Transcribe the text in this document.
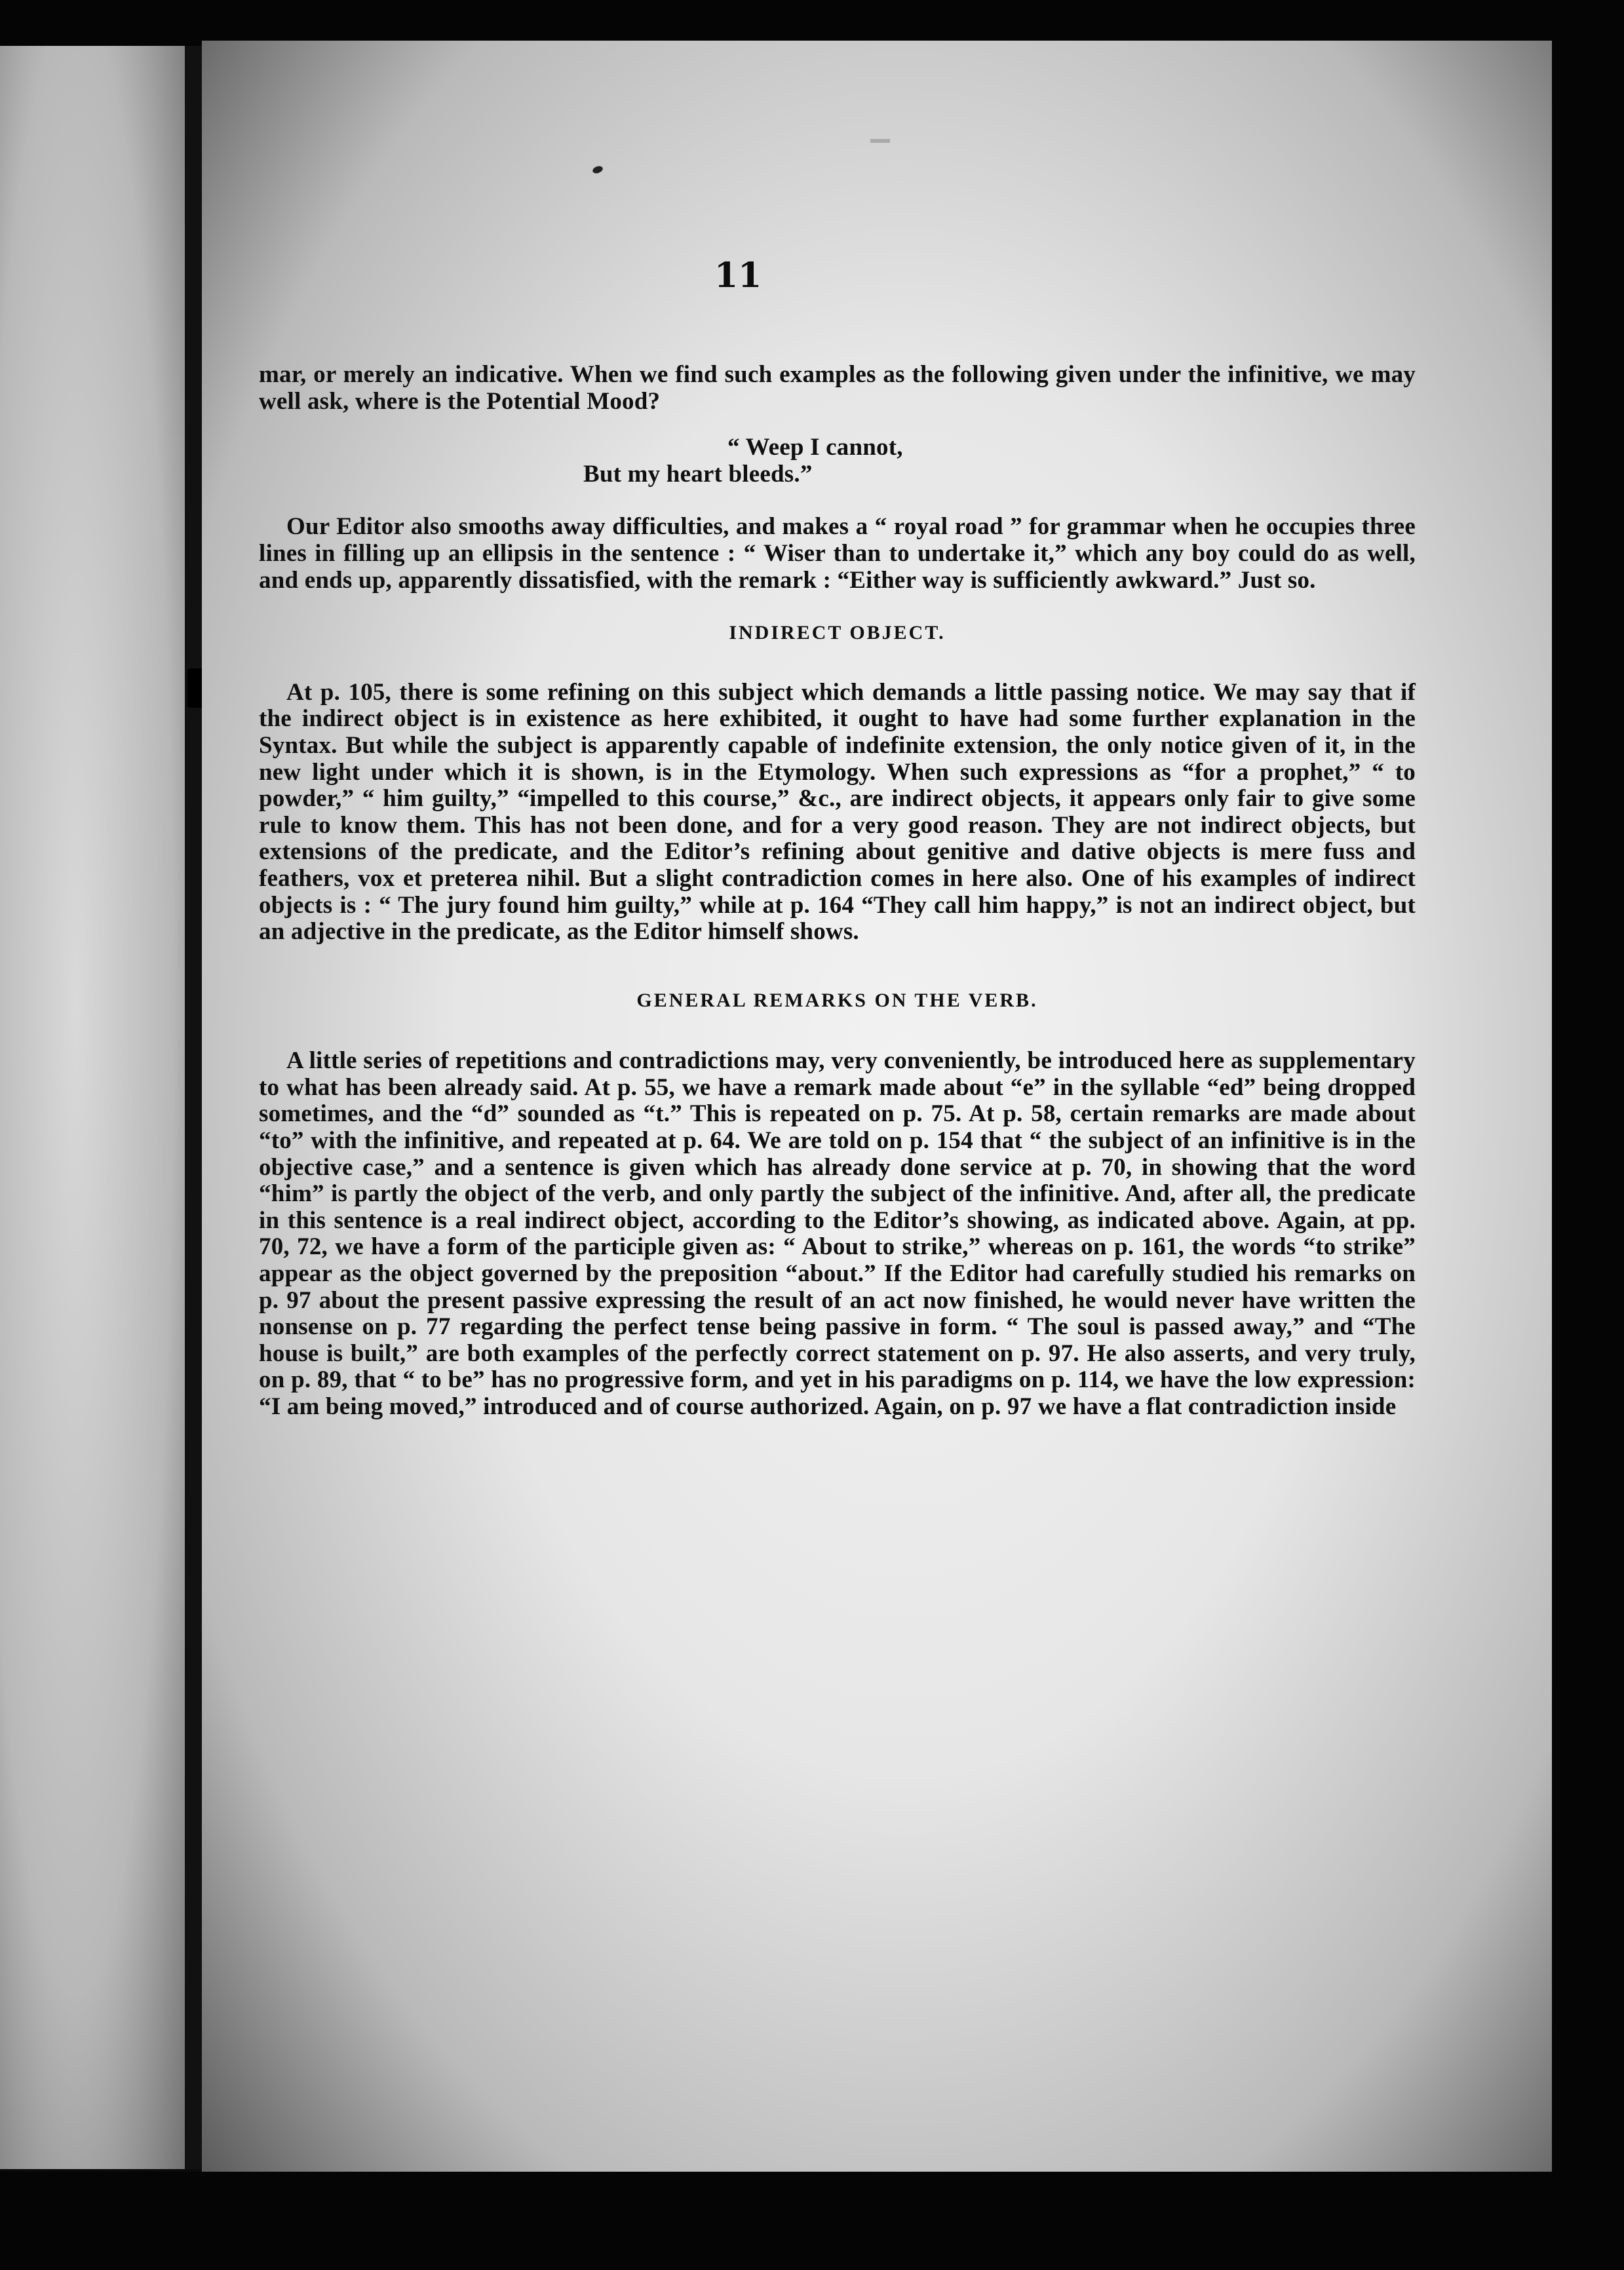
11

mar, or merely an indicative. When we find such examples as the following given under the infinitive, we may well ask, where is the Potential Mood?

“ Weep I cannot,
But my heart bleeds.”

Our Editor also smooths away difficulties, and makes a “ royal road ” for grammar when he occupies three lines in filling up an ellipsis in the sentence : “ Wiser than to undertake it,” which any boy could do as well, and ends up, apparently dissatisfied, with the remark : “Either way is sufficiently awkward.” Just so.

INDIRECT OBJECT.

At p. 105, there is some refining on this subject which demands a little passing notice. We may say that if the indirect object is in existence as here exhibited, it ought to have had some further explanation in the Syntax. But while the subject is apparently capable of indefinite extension, the only notice given of it, in the new light under which it is shown, is in the Etymology. When such expressions as “for a prophet,” “ to powder,” “ him guilty,” “impelled to this course,” &c., are indirect objects, it appears only fair to give some rule to know them. This has not been done, and for a very good reason. They are not indirect objects, but extensions of the predicate, and the Editor’s refining about genitive and dative objects is mere fuss and feathers, vox et preterea nihil. But a slight contradiction comes in here also. One of his examples of indirect objects is : “ The jury found him guilty,” while at p. 164 “They call him happy,” is not an indirect object, but an adjective in the predicate, as the Editor himself shows.

GENERAL REMARKS ON THE VERB.

A little series of repetitions and contradictions may, very conveniently, be introduced here as supplementary to what has been already said. At p. 55, we have a remark made about “e” in the syllable “ed” being dropped sometimes, and the “d” sounded as “t.” This is repeated on p. 75. At p. 58, certain remarks are made about “to” with the infinitive, and repeated at p. 64. We are told on p. 154 that “ the subject of an infinitive is in the objective case,” and a sentence is given which has already done service at p. 70, in showing that the word “him” is partly the object of the verb, and only partly the subject of the infinitive. And, after all, the predicate in this sentence is a real indirect object, according to the Editor’s showing, as indicated above. Again, at pp. 70, 72, we have a form of the participle given as: “ About to strike,” whereas on p. 161, the words “to strike” appear as the object governed by the preposition “about.” If the Editor had carefully studied his remarks on p. 97 about the present passive expressing the result of an act now finished, he would never have written the nonsense on p. 77 regarding the perfect tense being passive in form. “ The soul is passed away,” and “The house is built,” are both examples of the perfectly correct statement on p. 97. He also asserts, and very truly, on p. 89, that “ to be” has no progressive form, and yet in his paradigms on p. 114, we have the low expression: “I am being moved,” introduced and of course authorized. Again, on p. 97 we have a flat contradiction inside
